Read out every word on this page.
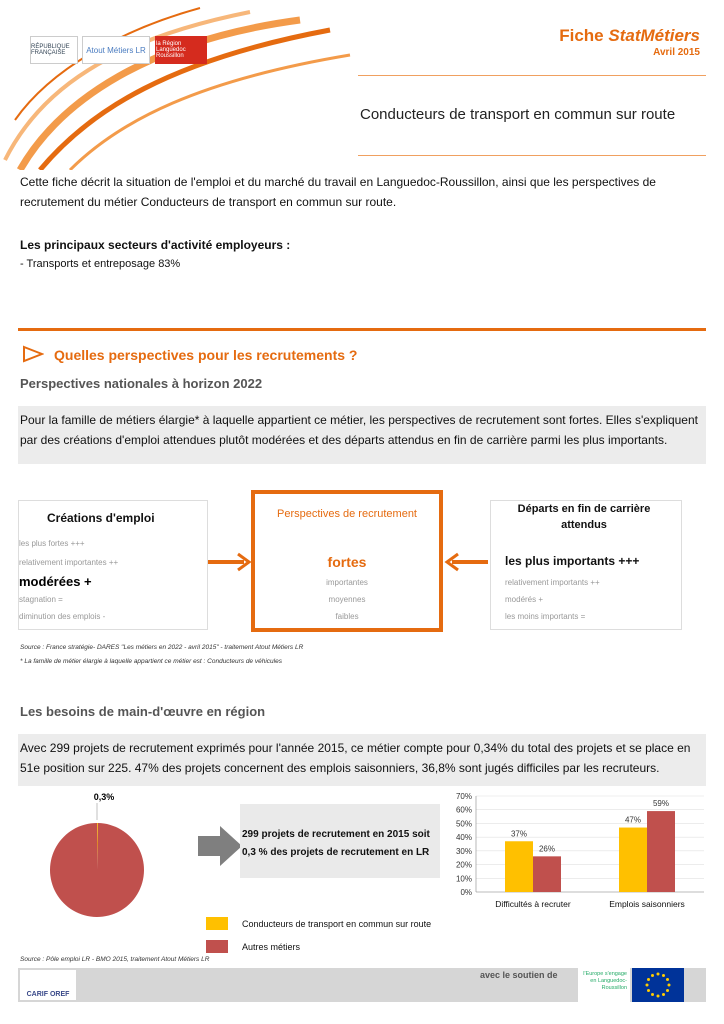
RÉPUBLIQUE FRANÇAISE	Atout Métiers LR
la Région Languedoc Roussillon
Fiche StatMétiers
Avril 2015
Conducteurs de transport en commun sur route
Cette fiche décrit la situation de l'emploi et du marché du travail en Languedoc-Roussillon, ainsi que les perspectives de recrutement du métier Conducteurs de transport en commun sur route.
Les principaux secteurs d'activité employeurs :
- Transports et entreposage 83%
Quelles perspectives pour les recrutements ?
Perspectives nationales à horizon 2022
Pour la famille de métiers élargie* à laquelle appartient ce métier, les perspectives de recrutement sont fortes. Elles s'expliquent par des créations d'emploi attendues plutôt modérées et des départs attendus en fin de carrière parmi les plus importants.
Créations d'emploi
les plus fortes +++
relativement importantes ++
modérées +
stagnation =
diminution des emplois -
Perspectives de recrutement
fortes
importantes
moyennes
faibles
Départs en fin de carrière attendus
les plus importants +++
relativement importants ++
modérés +
les moins importants =
Source : France stratégie- DARES "Les métiers en 2022 - avril 2015" - traitement Atout Métiers LR
* La famille de métier élargie à laquelle appartient ce métier est : Conducteurs de véhicules
Les besoins de main-d'œuvre en région
Avec 299 projets de recrutement exprimés pour l'année 2015, ce métier compte pour 0,34% du total des projets et se place en 51e position sur 225. 47% des projets concernent des emplois saisonniers, 36,8% sont jugés difficiles par les recruteurs.
0,3%
299 projets de recrutement en 2015 soit 0,3 % des projets de recrutement en LR
0%
10%
20%
30%
40%
50%
60%
70%
37%
26%
Difficultés à recruter
47%
59%
Emplois saisonniers
Conducteurs de transport en commun sur route
Autres métiers
Source : Pôle emploi LR - BMO 2015, traitement Atout Métiers LR
CARIF OREF
avec le soutien de	l'Europe s'engage en Languedoc-Roussillon
